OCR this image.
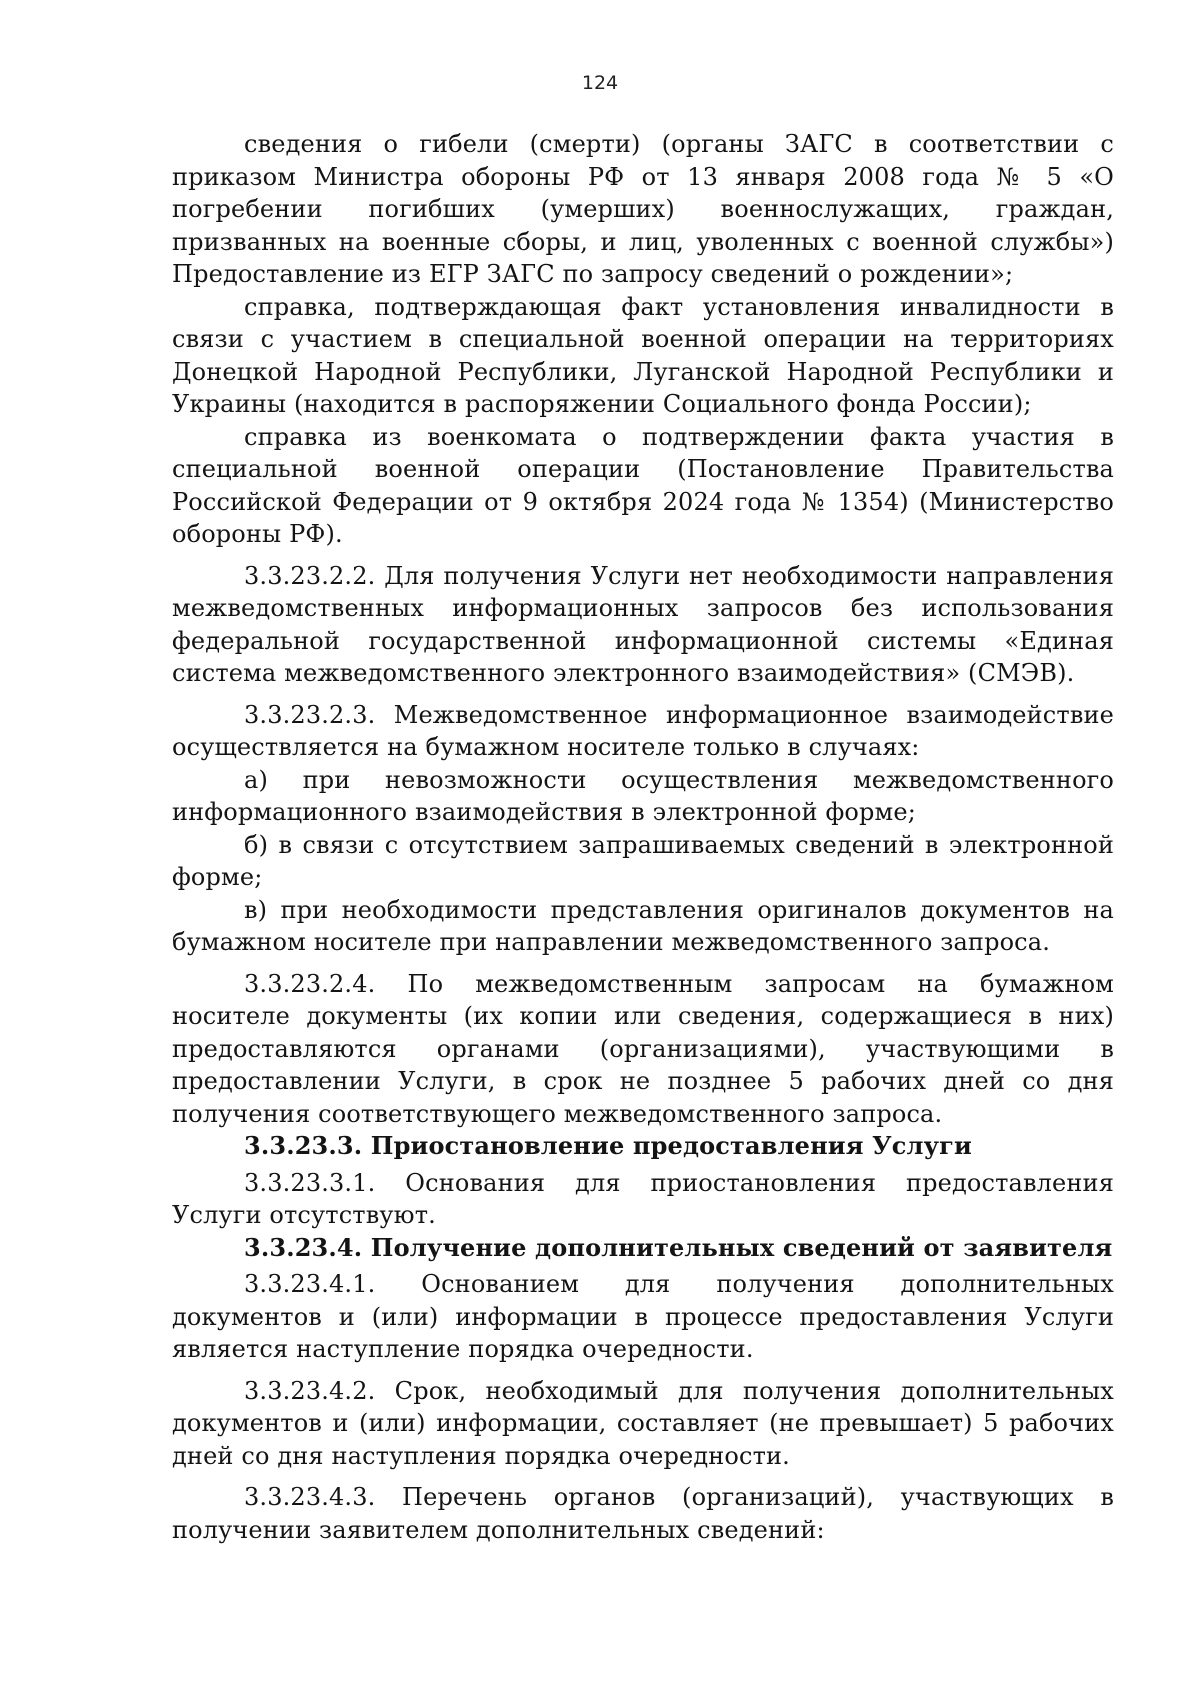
124

сведения о гибели (смерти) (органы ЗАГС в соответствии с приказом Министра обороны РФ от 13 января 2008 года № 5 «О погребении погибших (умерших) военнослужащих, граждан, призванных на военные сборы, и лиц, уволенных с военной службы») Предоставление из ЕГР ЗАГС по запросу сведений о рождении»;

справка, подтверждающая факт установления инвалидности в связи с участием в специальной военной операции на территориях Донецкой Народной Республики, Луганской Народной Республики и Украины (находится в распоряжении Социального фонда России);

справка из военкомата о подтверждении факта участия в специальной военной операции (Постановление Правительства Российской Федерации от 9 октября 2024 года № 1354) (Министерство обороны РФ).

3.3.23.2.2. Для получения Услуги нет необходимости направления межведомственных информационных запросов без использования федеральной государственной информационной системы «Единая система межведомственного электронного взаимодействия» (СМЭВ).

3.3.23.2.3. Межведомственное информационное взаимодействие осуществляется на бумажном носителе только в случаях:

а) при невозможности осуществления межведомственного информационного взаимодействия в электронной форме;

б) в связи с отсутствием запрашиваемых сведений в электронной форме;

в) при необходимости представления оригиналов документов на бумажном носителе при направлении межведомственного запроса.

3.3.23.2.4. По межведомственным запросам на бумажном носителе документы (их копии или сведения, содержащиеся в них) предоставляются органами (организациями), участвующими в предоставлении Услуги, в срок не позднее 5 рабочих дней со дня получения соответствующего межведомственного запроса.

3.3.23.3. Приостановление предоставления Услуги

3.3.23.3.1. Основания для приостановления предоставления Услуги отсутствуют.

3.3.23.4. Получение дополнительных сведений от заявителя

3.3.23.4.1. Основанием для получения дополнительных документов и (или) информации в процессе предоставления Услуги является наступление порядка очередности.

3.3.23.4.2. Срок, необходимый для получения дополнительных документов и (или) информации, составляет (не превышает) 5 рабочих дней со дня наступления порядка очередности.

3.3.23.4.3. Перечень органов (организаций), участвующих в получении заявителем дополнительных сведений:
